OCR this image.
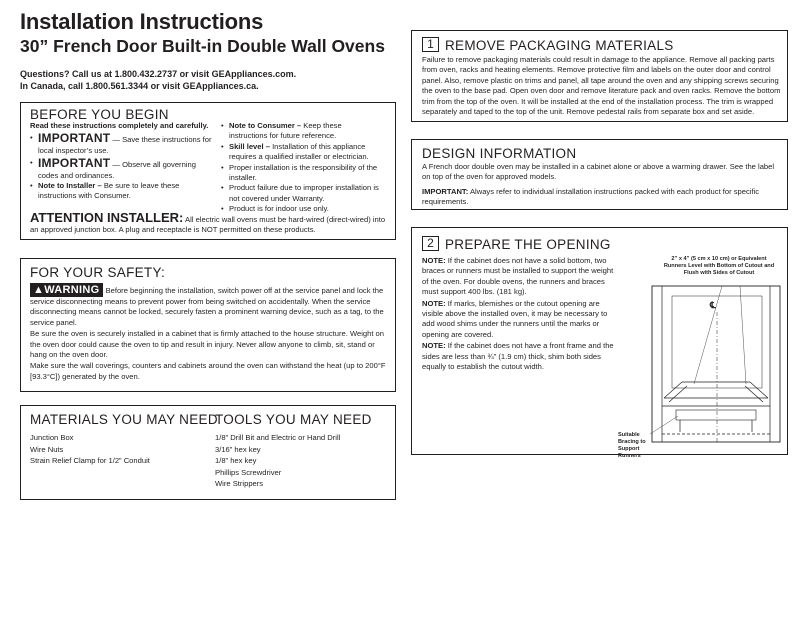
Installation Instructions
30” French Door Built-in Double Wall Ovens
Questions? Call us at 1.800.432.2737 or visit GEAppliances.com.
In Canada, call 1.800.561.3344 or visit GEAppliances.ca.
BEFORE YOU BEGIN
Read these instructions completely and carefully.
• IMPORTANT — Save these instructions for local inspector’s use.
• IMPORTANT — Observe all governing codes and ordinances.
• Note to Installer – Be sure to leave these instructions with Consumer.
• Note to Consumer – Keep these instructions for future reference.
• Skill level – Installation of this appliance requires a qualified installer or electrician.
• Proper installation is the responsibility of the installer.
• Product failure due to improper installation is not covered under Warranty.
• Product is for indoor use only.
ATTENTION INSTALLER: All electric wall ovens must be hard-wired (direct-wired) into an approved junction box. A plug and receptacle is NOT permitted on these products.
FOR YOUR SAFETY:
▲WARNING Before beginning the installation, switch power off at the service panel and lock the service disconnecting means to prevent power from being switched on accidentally. When the service disconnecting means cannot be locked, securely fasten a prominent warning device, such as a tag, to the service panel.
Be sure the oven is securely installed in a cabinet that is firmly attached to the house structure. Weight on the oven door could cause the oven to tip and result in injury. Never allow anyone to climb, sit, stand or hang on the oven door.
Make sure the wall coverings, counters and cabinets around the oven can withstand the heat (up to 200°F [93.3°C]) generated by the oven.
MATERIALS YOU MAY NEED
Junction Box
Wire Nuts
Strain Relief Clamp for 1/2” Conduit
TOOLS YOU MAY NEED
1/8” Drill Bit and Electric or Hand Drill
3/16” hex key
1/8” hex key
Phillips Screwdriver
Wire Strippers
1 REMOVE PACKAGING MATERIALS
Failure to remove packaging materials could result in damage to the appliance. Remove all packing parts from oven, racks and heating elements. Remove protective film and labels on the outer door and control panel. Also, remove plastic on trims and panel, all tape around the oven and any shipping screws securing the oven to the base pad. Open oven door and remove literature pack and oven racks. Remove the bottom trim from the top of the oven. It will be installed at the end of the installation process. The trim is wrapped separately and taped to the top of the unit. Remove pedestal rails from separate box and set aside.
DESIGN INFORMATION
A French door double oven may be installed in a cabinet alone or above a warming drawer. See the label on top of the oven for approved models.
IMPORTANT: Always refer to individual installation instructions packed with each product for specific requirements.
2 PREPARE THE OPENING
NOTE: If the cabinet does not have a solid bottom, two braces or runners must be installed to support the weight of the oven. For double ovens, the runners and braces must support 400 lbs. (181 kg).
NOTE: If marks, blemishes or the cutout opening are visible above the installed oven, it may be necessary to add wood shims under the runners until the marks or opening are covered.
NOTE: If the cabinet does not have a front frame and the sides are less than ¾” (1.9 cm) thick, shim both sides equally to establish the cutout width.
2” x 4” (5 cm x 10 cm) or Equivalent Runners Level with Bottom of Cutout and Flush with Sides of Cutout
℄
Suitable Bracing to Support Runners
